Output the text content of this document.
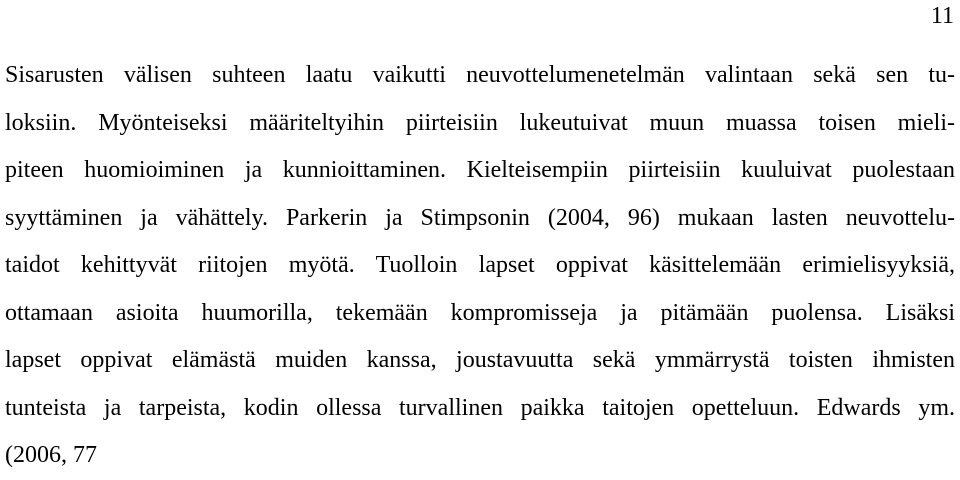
11
Sisarusten välisen suhteen laatu vaikutti neuvottelumenetelmän valintaan sekä sen tu-
loksiin. Myönteiseksi määriteltyihin piirteisiin lukeutuivat muun muassa toisen mieli-
piteen huomioiminen ja kunnioittaminen. Kielteisempiin piirteisiin kuuluivat puolestaan
syyttäminen ja vähättely. Parkerin ja Stimpsonin (2004, 96) mukaan lasten neuvottelu-
taidot kehittyvät riitojen myötä. Tuolloin lapset oppivat käsittelemään erimielisyyksiä,
ottamaan asioita huumorilla, tekemään kompromisseja ja pitämään puolensa. Lisäksi
lapset oppivat elämästä muiden kanssa, joustavuutta sekä ymmärrystä toisten ihmisten
tunteista ja tarpeista, kodin ollessa turvallinen paikka taitojen opetteluun. Edwards ym.
(2006, 77
